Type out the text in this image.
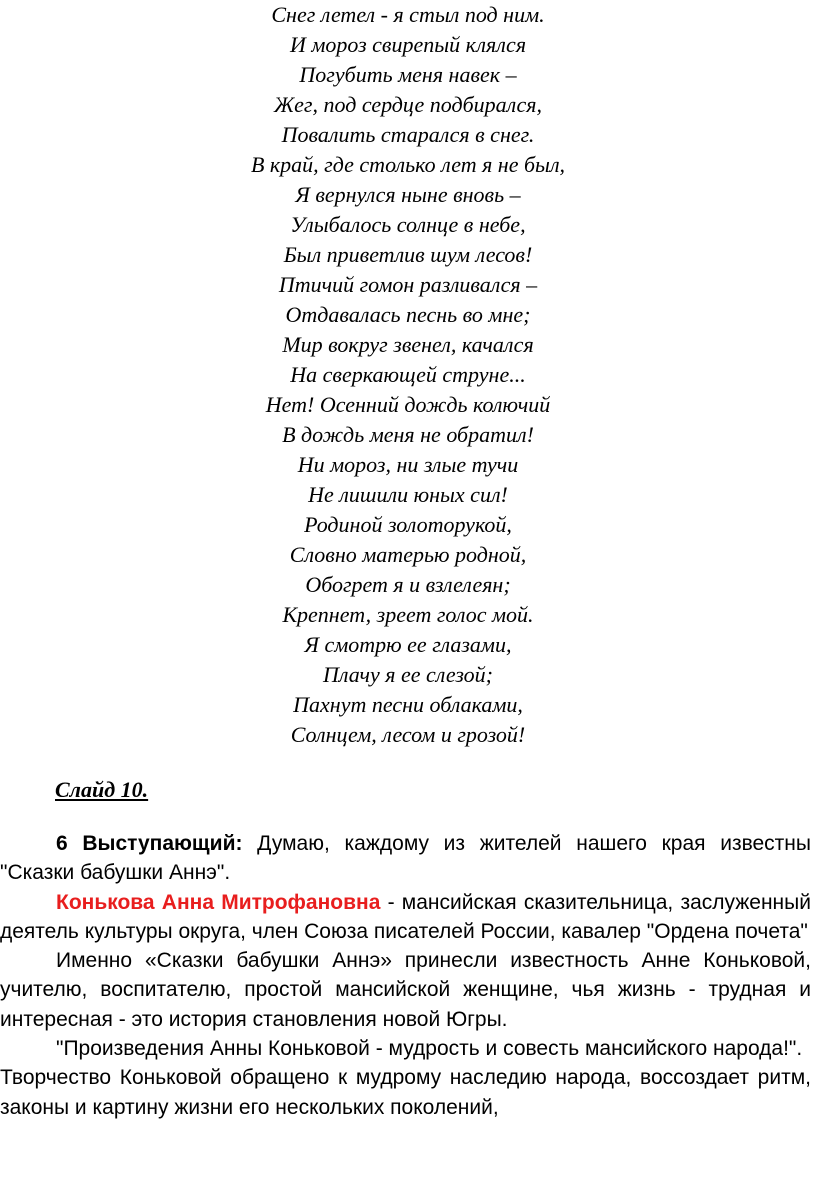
Снег летел - я стыл под ним.
И мороз свирепый клялся
Погубить меня навек –
Жег, под сердце подбирался,
Повалить старался в снег.
В край, где столько лет я не был,
Я вернулся ныне вновь –
Улыбалось солнце в небе,
Был приветлив шум лесов!
Птичий гомон разливался –
Отдавалась песнь во мне;
Мир вокруг звенел, качался
На сверкающей струне...
Нет! Осенний дождь колючий
В дождь меня не обратил!
Ни мороз, ни злые тучи
Не лишили юных сил!
Родиной золоторукой,
Словно матерью родной,
Обогрет я и взлелеян;
Крепнет, зреет голос мой.
Я смотрю ее глазами,
Плачу я ее слезой;
Пахнут песни облаками,
Солнцем, лесом и грозой!
Слайд 10.

6 Выступающий: Думаю, каждому из жителей нашего края известны "Сказки бабушки Аннэ".

Конькова Анна Митрофановна - мансийская сказительница, заслуженный деятель культуры округа, член Союза писателей России, кавалер "Ордена почета"

Именно «Сказки бабушки Аннэ» принесли известность Анне Коньковой, учителю, воспитателю, простой мансийской женщине, чья жизнь - трудная и интересная - это история становления новой Югры.

"Произведения Анны Коньковой - мудрость и совесть мансийского народа!".

Творчество Коньковой обращено к мудрому наследию народа, воссоздает ритм, законы и картину жизни его нескольких поколений,
